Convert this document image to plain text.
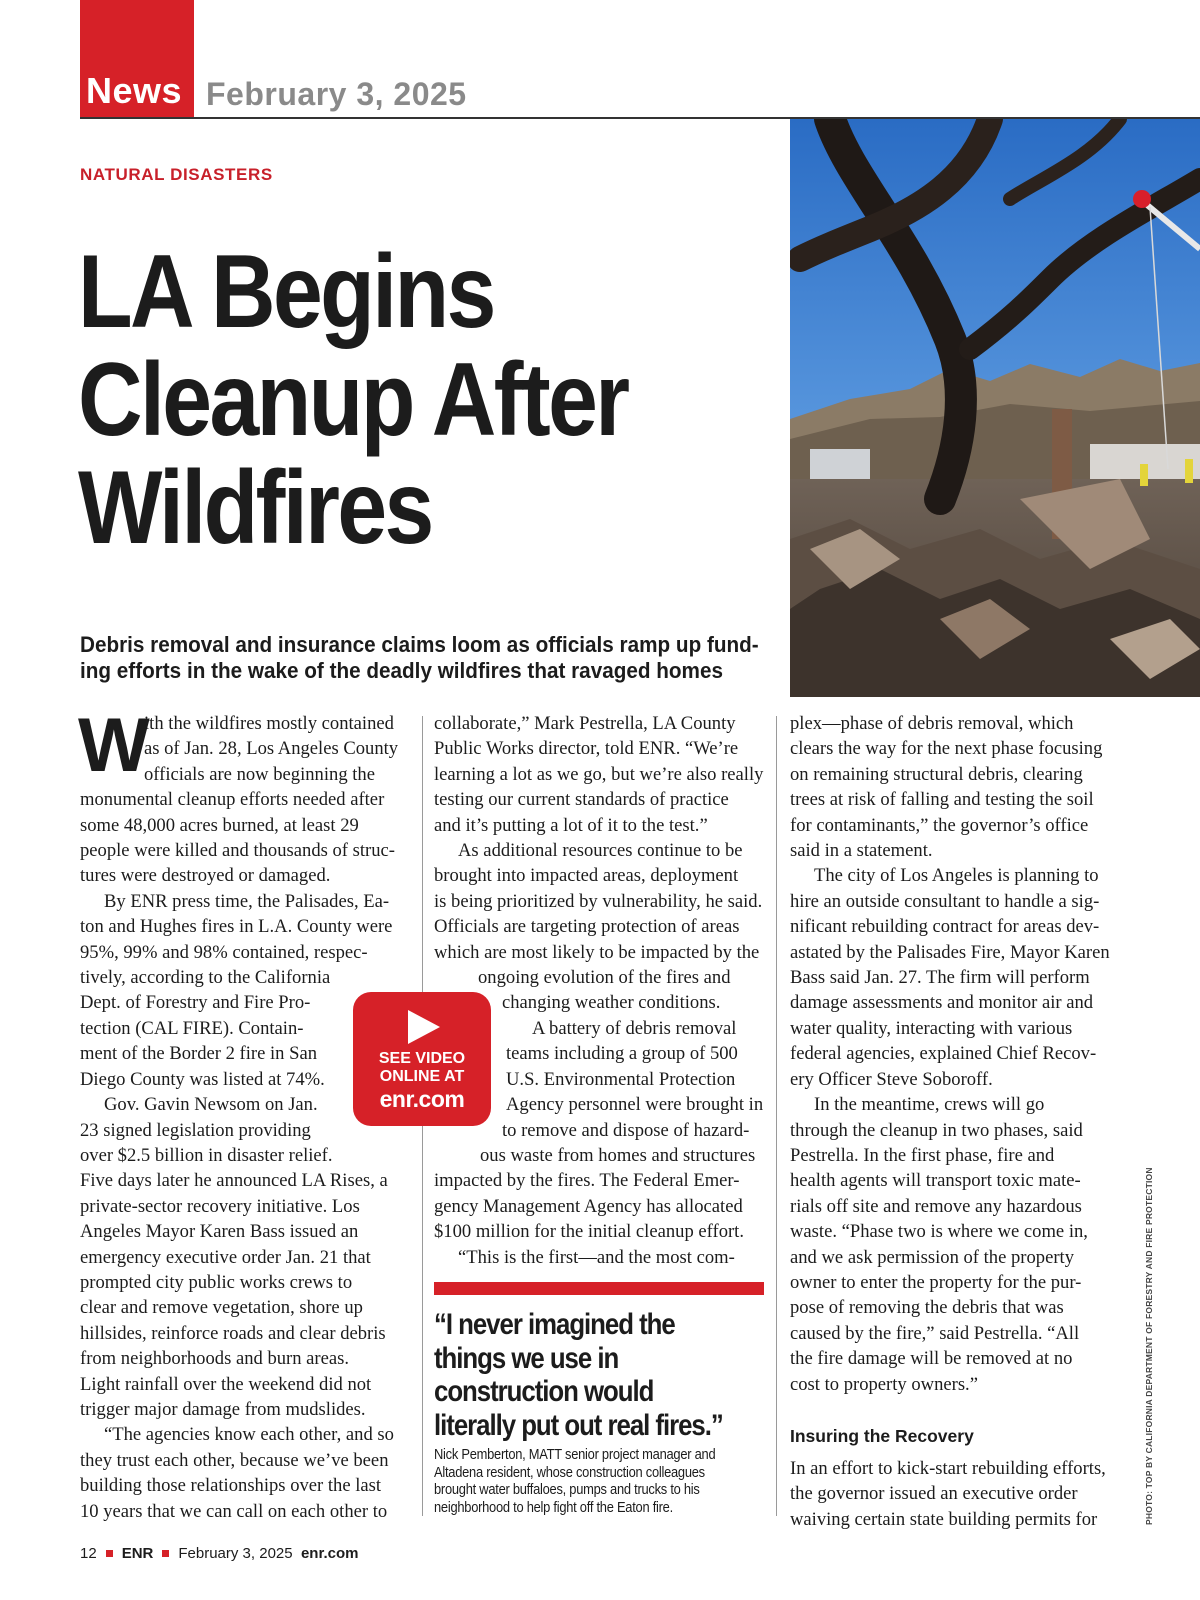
News February 3, 2025
NATURAL DISASTERS
LA Begins
Cleanup After
Wildfires
Debris removal and insurance claims loom as officials ramp up fund-
ing efforts in the wake of the deadly wildfires that ravaged homes
PHOTO: TOP BY CALIFORNIA DEPARTMENT OF FORESTRY AND FIRE PROTECTION
W
ith the wildfires mostly contained
as of Jan. 28, Los Angeles County
officials are now beginning the
monumental cleanup efforts needed after
some 48,000 acres burned, at least 29
people were killed and thousands of struc-
tures were destroyed or damaged.
By ENR press time, the Palisades, Ea-
ton and Hughes fires in L.A. County were
95%, 99% and 98% contained, respec-
tively, according to the California
Dept. of Forestry and Fire Pro-
tection (CAL FIRE). Contain-
ment of the Border 2 fire in San
Diego County was listed at 74%.
Gov. Gavin Newsom on Jan.
23 signed legislation providing
over $2.5 billion in disaster relief.
Five days later he announced LA Rises, a
private-sector recovery initiative. Los
Angeles Mayor Karen Bass issued an
emergency executive order Jan. 21 that
prompted city public works crews to
clear and remove vegetation, shore up
hillsides, reinforce roads and clear debris
from neighborhoods and burn areas.
Light rainfall over the weekend did not
trigger major damage from mudslides.
“The agencies know each other, and so
they trust each other, because we’ve been
building those relationships over the last
10 years that we can call on each other to
SEE VIDEO
ONLINE AT
enr.com
collaborate,” Mark Pestrella, LA County
Public Works director, told ENR. “We’re
learning a lot as we go, but we’re also really
testing our current standards of practice
and it’s putting a lot of it to the test.”
As additional resources continue to be
brought into impacted areas, deployment
is being prioritized by vulnerability, he said.
Officials are targeting protection of areas
which are most likely to be impacted by the
ongoing evolution of the fires and
changing weather conditions.
A battery of debris removal
teams including a group of 500
U.S. Environmental Protection
Agency personnel were brought in
to remove and dispose of hazard-
ous waste from homes and structures
impacted by the fires. The Federal Emer-
gency Management Agency has allocated
$100 million for the initial cleanup effort.
“This is the first—and the most com-
“I never imagined the
things we use in
construction would
literally put out real fires.”
Nick Pemberton, MATT senior project manager and
Altadena resident, whose construction colleagues
brought water buffaloes, pumps and trucks to his
neighborhood to help fight off the Eaton fire.
plex—phase of debris removal, which
clears the way for the next phase focusing
on remaining structural debris, clearing
trees at risk of falling and testing the soil
for contaminants,” the governor’s office
said in a statement.
The city of Los Angeles is planning to
hire an outside consultant to handle a sig-
nificant rebuilding contract for areas dev-
astated by the Palisades Fire, Mayor Karen
Bass said Jan. 27. The firm will perform
damage assessments and monitor air and
water quality, interacting with various
federal agencies, explained Chief Recov-
ery Officer Steve Soboroff.
In the meantime, crews will go
through the cleanup in two phases, said
Pestrella. In the first phase, fire and
health agents will transport toxic mate-
rials off site and remove any hazardous
waste. “Phase two is where we come in,
and we ask permission of the property
owner to enter the property for the pur-
pose of removing the debris that was
caused by the fire,” said Pestrella. “All
the fire damage will be removed at no
cost to property owners.”
Insuring the Recovery
In an effort to kick-start rebuilding efforts,
the governor issued an executive order
waiving certain state building permits for
12 ENR February 3, 2025 enr.com
